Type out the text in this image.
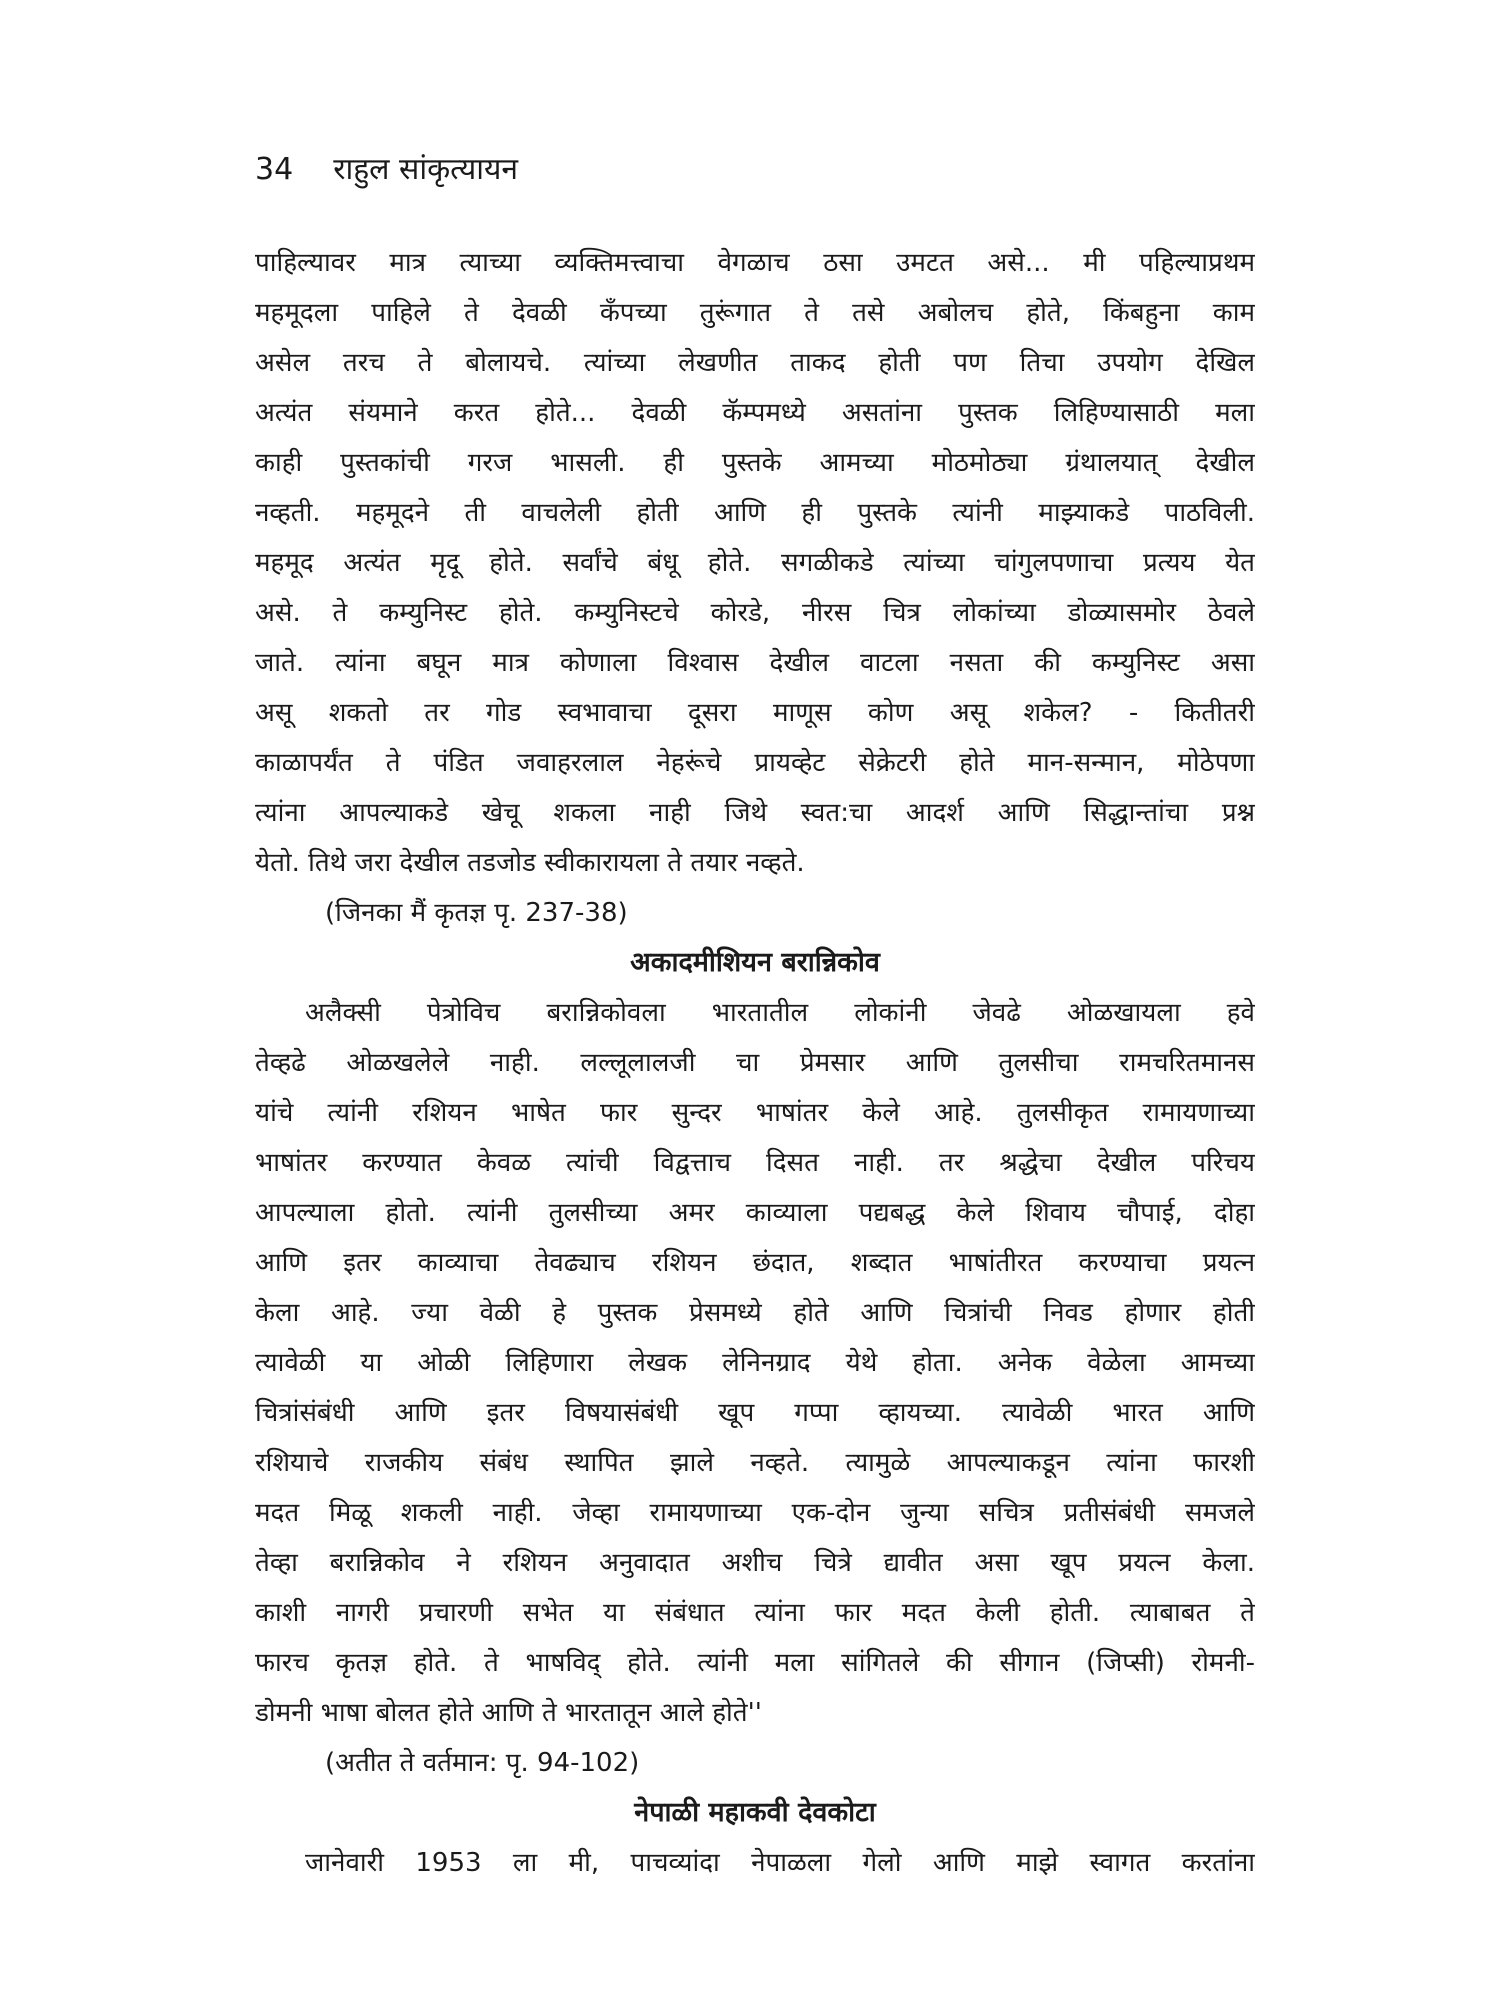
34 राहुल सांकृत्यायन
पाहिल्यावर मात्र त्याच्या व्यक्तिमत्त्वाचा वेगळाच ठसा उमटत असे... मी पहिल्याप्रथम
महमूदला पाहिले ते देवळी कँपच्या तुरूंगात ते तसे अबोलच होते, किंबहुना काम
असेल तरच ते बोलायचे. त्यांच्या लेखणीत ताकद होती पण तिचा उपयोग देखिल
अत्यंत संयमाने करत होते... देवळी कॅम्पमध्ये असतांना पुस्तक लिहिण्यासाठी मला
काही पुस्तकांची गरज भासली. ही पुस्तके आमच्या मोठमोठ्या ग्रंथालयात् देखील
नव्हती. महमूदने ती वाचलेली होती आणि ही पुस्तके त्यांनी माझ्याकडे पाठविली.
महमूद अत्यंत मृदू होते. सर्वांचे बंधू होते. सगळीकडे त्यांच्या चांगुलपणाचा प्रत्यय येत
असे. ते कम्युनिस्ट होते. कम्युनिस्टचे कोरडे, नीरस चित्र लोकांच्या डोळ्यासमोर ठेवले
जाते. त्यांना बघून मात्र कोणाला विश्वास देखील वाटला नसता की कम्युनिस्ट असा
असू शकतो तर गोड स्वभावाचा दूसरा माणूस कोण असू शकेल? - कितीतरी
काळापर्यंत ते पंडित जवाहरलाल नेहरूंचे प्रायव्हेट सेक्रेटरी होते मान-सन्मान, मोठेपणा
त्यांना आपल्याकडे खेचू शकला नाही जिथे स्वत:चा आदर्श आणि सिद्धान्तांचा प्रश्न
येतो. तिथे जरा देखील तडजोड स्वीकारायला ते तयार नव्हते.
(जिनका मैं कृतज्ञ पृ. 237-38)
अकादमीशियन बरान्निकोव
अलैक्सी पेत्रोविच बरान्निकोवला भारतातील लोकांनी जेवढे ओळखायला हवे
तेव्हढे ओळखलेले नाही. लल्लूलालजी चा प्रेमसार आणि तुलसीचा रामचरितमानस
यांचे त्यांनी रशियन भाषेत फार सुन्दर भाषांतर केले आहे. तुलसीकृत रामायणाच्या
भाषांतर करण्यात केवळ त्यांची विद्वत्ताच दिसत नाही. तर श्रद्धेचा देखील परिचय
आपल्याला होतो. त्यांनी तुलसीच्या अमर काव्याला पद्यबद्ध केले शिवाय चौपाई, दोहा
आणि इतर काव्याचा तेवढ्याच रशियन छंदात, शब्दात भाषांतीरत करण्याचा प्रयत्न
केला आहे. ज्या वेळी हे पुस्तक प्रेसमध्ये होते आणि चित्रांची निवड होणार होती
त्यावेळी या ओळी लिहिणारा लेखक लेनिनग्राद येथे होता. अनेक वेळेला आमच्या
चित्रांसंबंधी आणि इतर विषयासंबंधी खूप गप्पा व्हायच्या. त्यावेळी भारत आणि
रशियाचे राजकीय संबंध स्थापित झाले नव्हते. त्यामुळे आपल्याकडून त्यांना फारशी
मदत मिळू शकली नाही. जेव्हा रामायणाच्या एक-दोन जुन्या सचित्र प्रतीसंबंधी समजले
तेव्हा बरान्निकोव ने रशियन अनुवादात अशीच चित्रे द्यावीत असा खूप प्रयत्न केला.
काशी नागरी प्रचारणी सभेत या संबंधात त्यांना फार मदत केली होती. त्याबाबत ते
फारच कृतज्ञ होते. ते भाषविद् होते. त्यांनी मला सांगितले की सीगान (जिप्सी) रोमनी-
डोमनी भाषा बोलत होते आणि ते भारतातून आले होते''
(अतीत ते वर्तमान: पृ. 94-102)
नेपाळी महाकवी देवकोटा
जानेवारी 1953 ला मी, पाचव्यांदा नेपाळला गेलो आणि माझे स्वागत करतांना
